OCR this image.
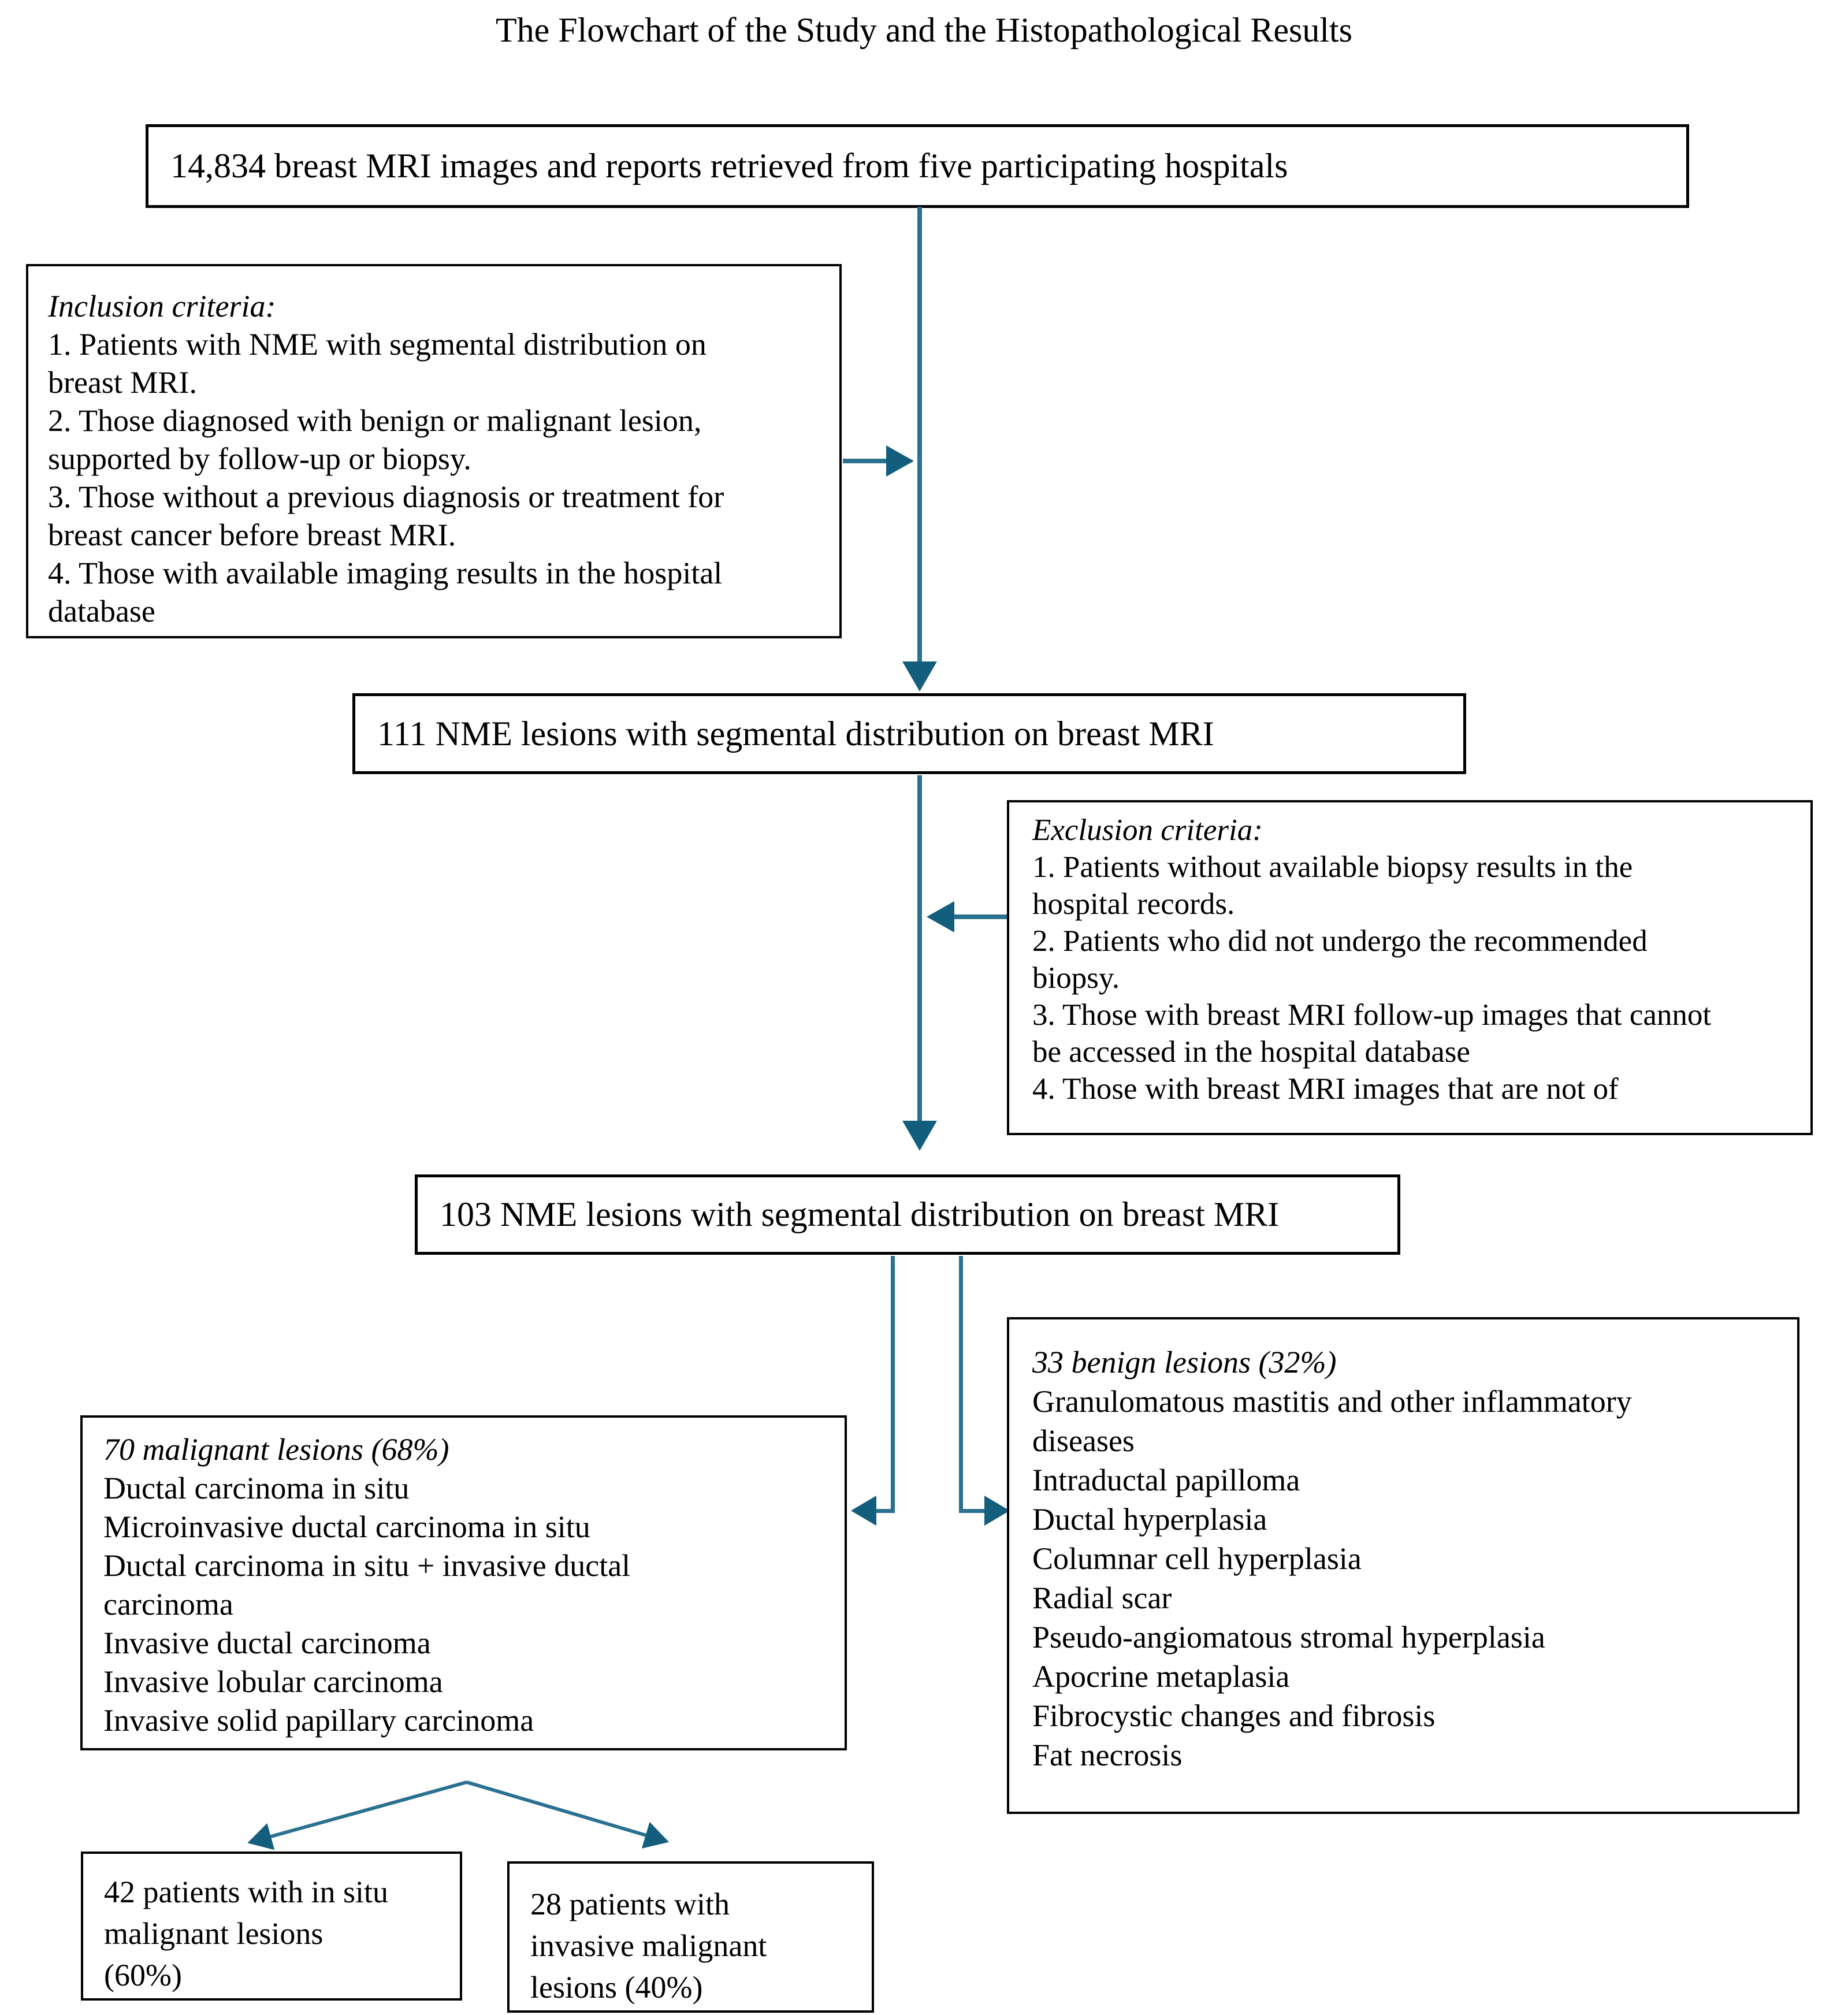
The Flowchart of the Study and the Histopathological Results
14,834 breast MRI images and reports retrieved from five participating hospitals
Inclusion criteria:
1. Patients with NME with segmental distribution on
breast MRI.
2. Those diagnosed with benign or malignant lesion,
supported by follow-up or biopsy.
3. Those without a previous diagnosis or treatment for
breast cancer before breast MRI.
4. Those with available imaging results in the hospital
database
111 NME lesions with segmental distribution on breast MRI
Exclusion criteria:
1. Patients without available biopsy results in the
hospital records.
2. Patients who did not undergo the recommended
biopsy.
3. Those with breast MRI follow-up images that cannot
be accessed in the hospital database
4. Those with breast MRI images that are not of
103 NME lesions with segmental distribution on breast MRI
70 malignant lesions (68%)
Ductal carcinoma in situ
Microinvasive ductal carcinoma in situ
Ductal carcinoma in situ + invasive ductal
carcinoma
Invasive ductal carcinoma
Invasive lobular carcinoma
Invasive solid papillary carcinoma
33 benign lesions (32%)
Granulomatous mastitis and other inflammatory
diseases
Intraductal papilloma
Ductal hyperplasia
Columnar cell hyperplasia
Radial scar
Pseudo-angiomatous stromal hyperplasia
Apocrine metaplasia
Fibrocystic changes and fibrosis
Fat necrosis
42 patients with in situ
malignant lesions
(60%)
28 patients with
invasive malignant
lesions (40%)
